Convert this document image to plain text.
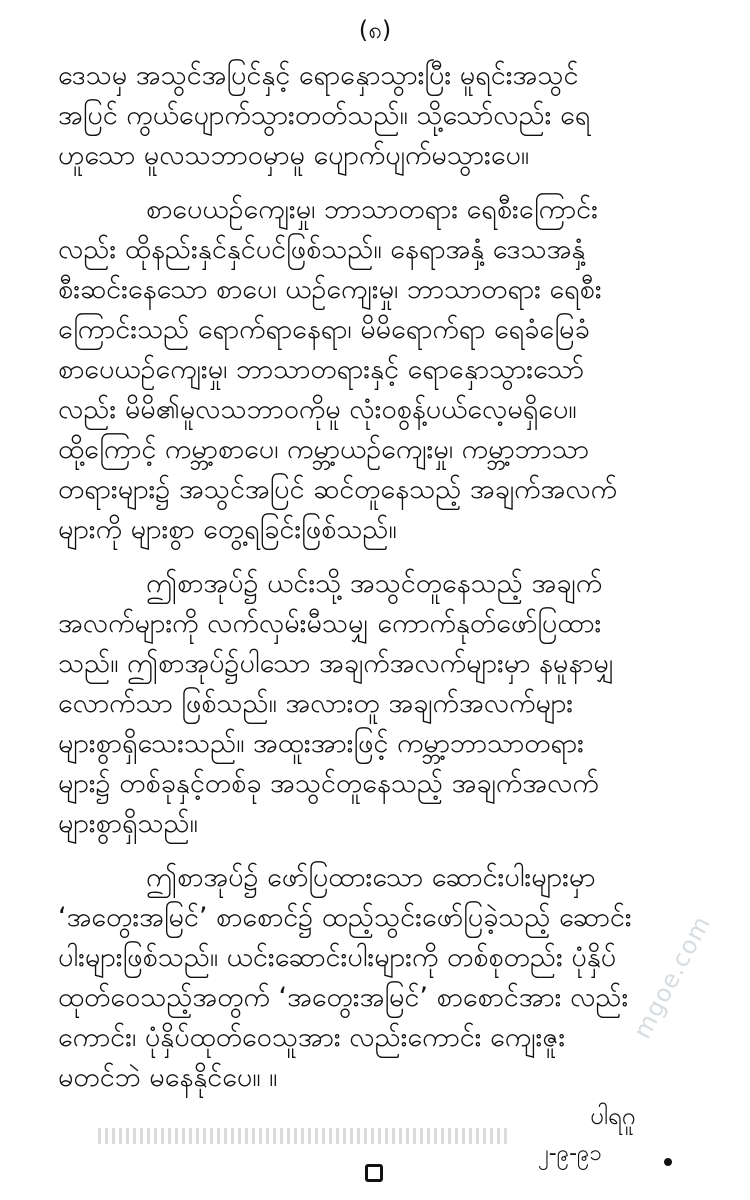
(၈)

ဒေသမှ အသွင်အပြင်နှင့် ရောနှောသွားပြီး မူရင်းအသွင်
အပြင် ကွယ်ပျောက်သွားတတ်သည်။ သို့သော်လည်း ရေ
ဟူသော မူလသဘာဝမှာမူ ပျောက်ပျက်မသွားပေ။

စာပေယဉ်ကျေးမှု၊ ဘာသာတရား ရေစီးကြောင်း
လည်း ထိုနည်းနှင်နှင်ပင်ဖြစ်သည်။ နေရာအနှံ့ ဒေသအနှံ့
စီးဆင်းနေသော စာပေ၊ ယဉ်ကျေးမှု၊ ဘာသာတရား ရေစီး
ကြောင်းသည် ရောက်ရာနေရာ၊ မိမိရောက်ရာ ရေခံမြေခံ
စာပေယဉ်ကျေးမှု၊ ဘာသာတရားနှင့် ရောနှောသွားသော်
လည်း မိမိ၏မူလသဘာဝကိုမူ လုံးဝစွန့်ပယ်လေ့မရှိပေ။
ထို့ကြောင့် ကမ္ဘာ့စာပေ၊ ကမ္ဘာ့ယဉ်ကျေးမှု၊ ကမ္ဘာ့ဘာသာ
တရားများ၌ အသွင်အပြင် ဆင်တူနေသည့် အချက်အလက်
များကို များစွာ တွေ့ရခြင်းဖြစ်သည်။

ဤစာအုပ်၌ ယင်းသို့ အသွင်တူနေသည့် အချက်
အလက်များကို လက်လှမ်းမီသမျှ ကောက်နုတ်ဖော်ပြထား
သည်။ ဤစာအုပ်၌ပါသော အချက်အလက်များမှာ နမူနာမျှ
လောက်သာ ဖြစ်သည်။ အလားတူ အချက်အလက်များ
များစွာရှိသေးသည်။ အထူးအားဖြင့် ကမ္ဘာ့ဘာသာတရား
များ၌ တစ်ခုနှင့်တစ်ခု အသွင်တူနေသည့် အချက်အလက်
များစွာရှိသည်။

ဤစာအုပ်၌ ဖော်ပြထားသော ဆောင်းပါးများမှာ
‘အတွေးအမြင်’ စာစောင်၌ ထည့်သွင်းဖော်ပြခဲ့သည့် ဆောင်း
ပါးများဖြစ်သည်။ ယင်းဆောင်းပါးများကို တစ်စုတည်း ပုံနှိပ်
ထုတ်ဝေသည့်အတွက် ‘အတွေးအမြင်’ စာစောင်အား လည်း
ကောင်း၊ ပုံနှိပ်ထုတ်ဝေသူအား လည်းကောင်း ကျေးဇူး
မတင်ဘဲ မနေနိုင်ပေ။ ။

ပါရဂူ
၂-၉-၉၁
mgoe.com
